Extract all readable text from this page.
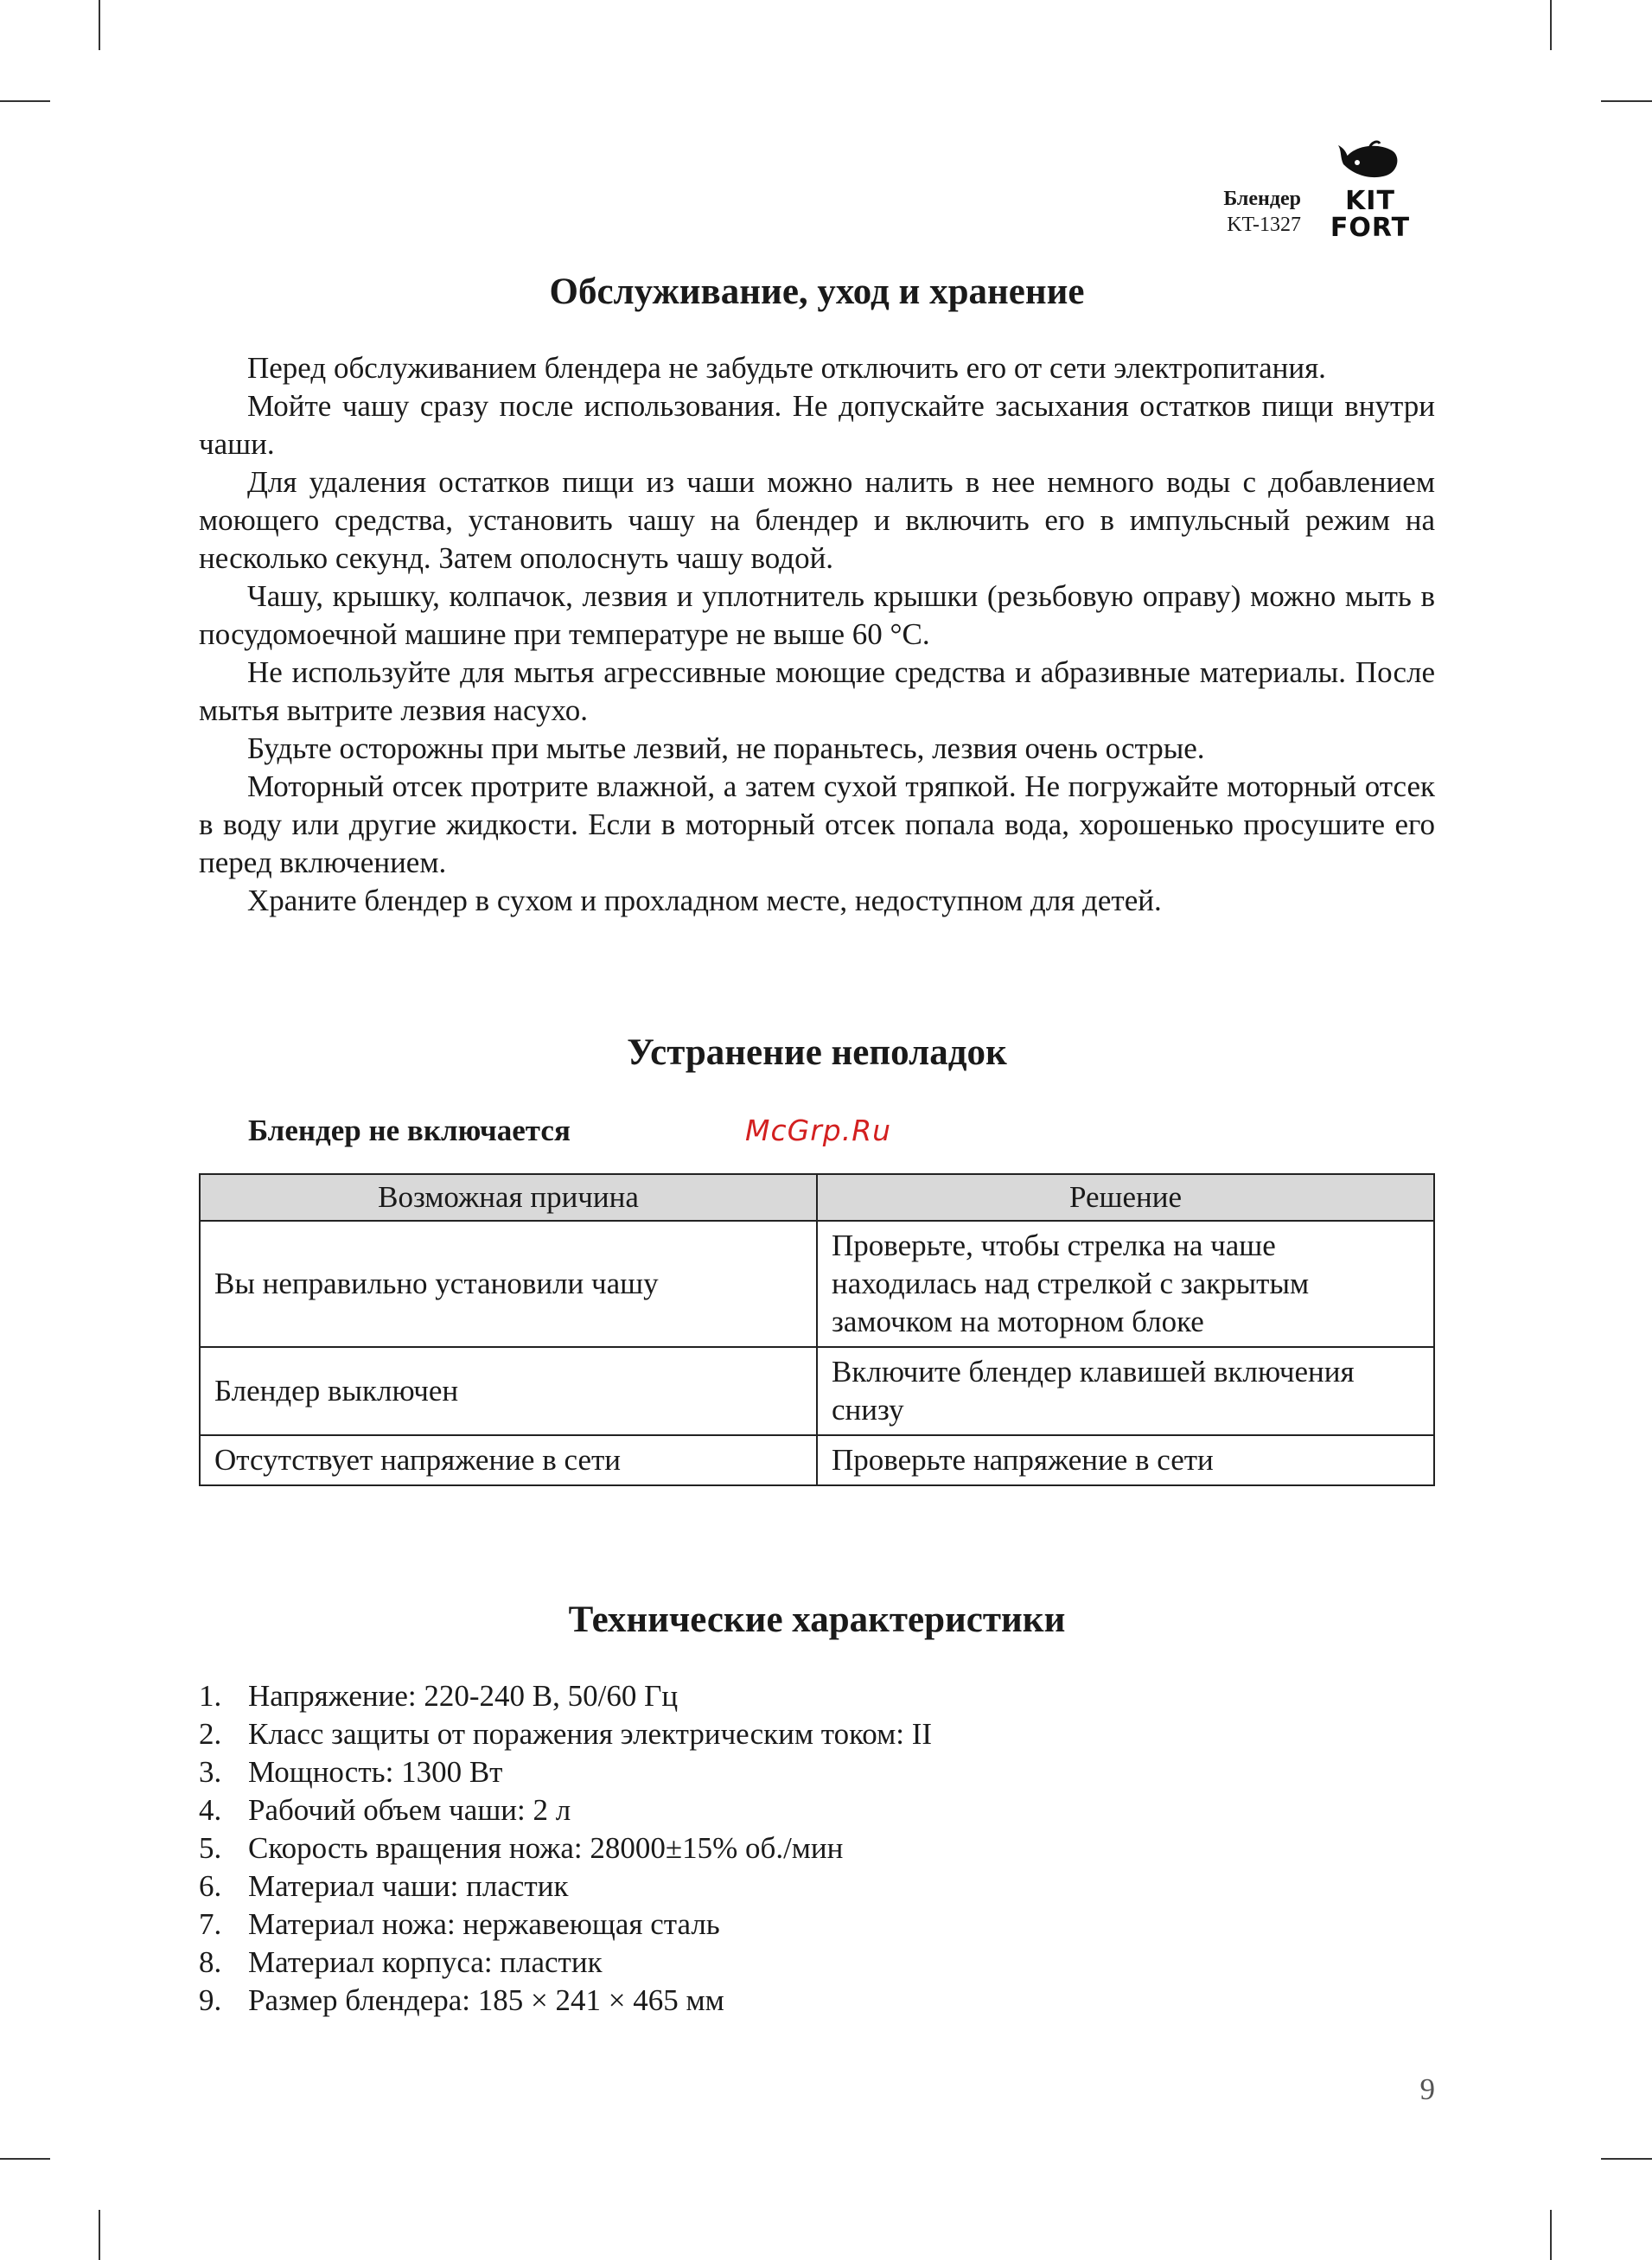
Блендер
KT-1327
KIT
FORT
Обслуживание, уход и хранение

Перед обслуживанием блендера не забудьте отключить его от сети электропитания.

Мойте чашу сразу после использования. Не допускайте засыхания остатков пищи внутри чаши.

Для удаления остатков пищи из чаши можно налить в нее немного воды с добавлением моющего средства, установить чашу на блендер и включить его в импульсный режим на несколько секунд. Затем ополоснуть чашу водой.

Чашу, крышку, колпачок, лезвия и уплотнитель крышки (резьбовую оправу) можно мыть в посудомоечной машине при температуре не выше 60 °C.

Не используйте для мытья агрессивные моющие средства и абразивные материалы. После мытья вытрите лезвия насухо.

Будьте осторожны при мытье лезвий, не пораньтесь, лезвия очень острые.

Моторный отсек протрите влажной, а затем сухой тряпкой. Не погружайте моторный отсек в воду или другие жидкости. Если в моторный отсек попала вода, хорошенько просушите его перед включением.

Храните блендер в сухом и прохладном месте, недоступном для детей.

Устранение неполадок
Блендер не включается	McGrp.Ru
Возможная причина	Решение
Вы неправильно установили чашу	Проверьте, чтобы стрелка на чаше находилась над стрелкой с закрытым замочком на моторном блоке
Блендер выключен	Включите блендер клавишей включения снизу
Отсутствует напряжение в сети	Проверьте напряжение в сети
Технические характеристики
1. Напряжение: 220-240 В, 50/60 Гц
2. Класс защиты от поражения электрическим током: II
3. Мощность: 1300 Вт
4. Рабочий объем чаши: 2 л
5. Скорость вращения ножа: 28000±15% об./мин
6. Материал чаши: пластик
7. Материал ножа: нержавеющая сталь
8. Материал корпуса: пластик
9. Размер блендера: 185 × 241 × 465 мм
9
